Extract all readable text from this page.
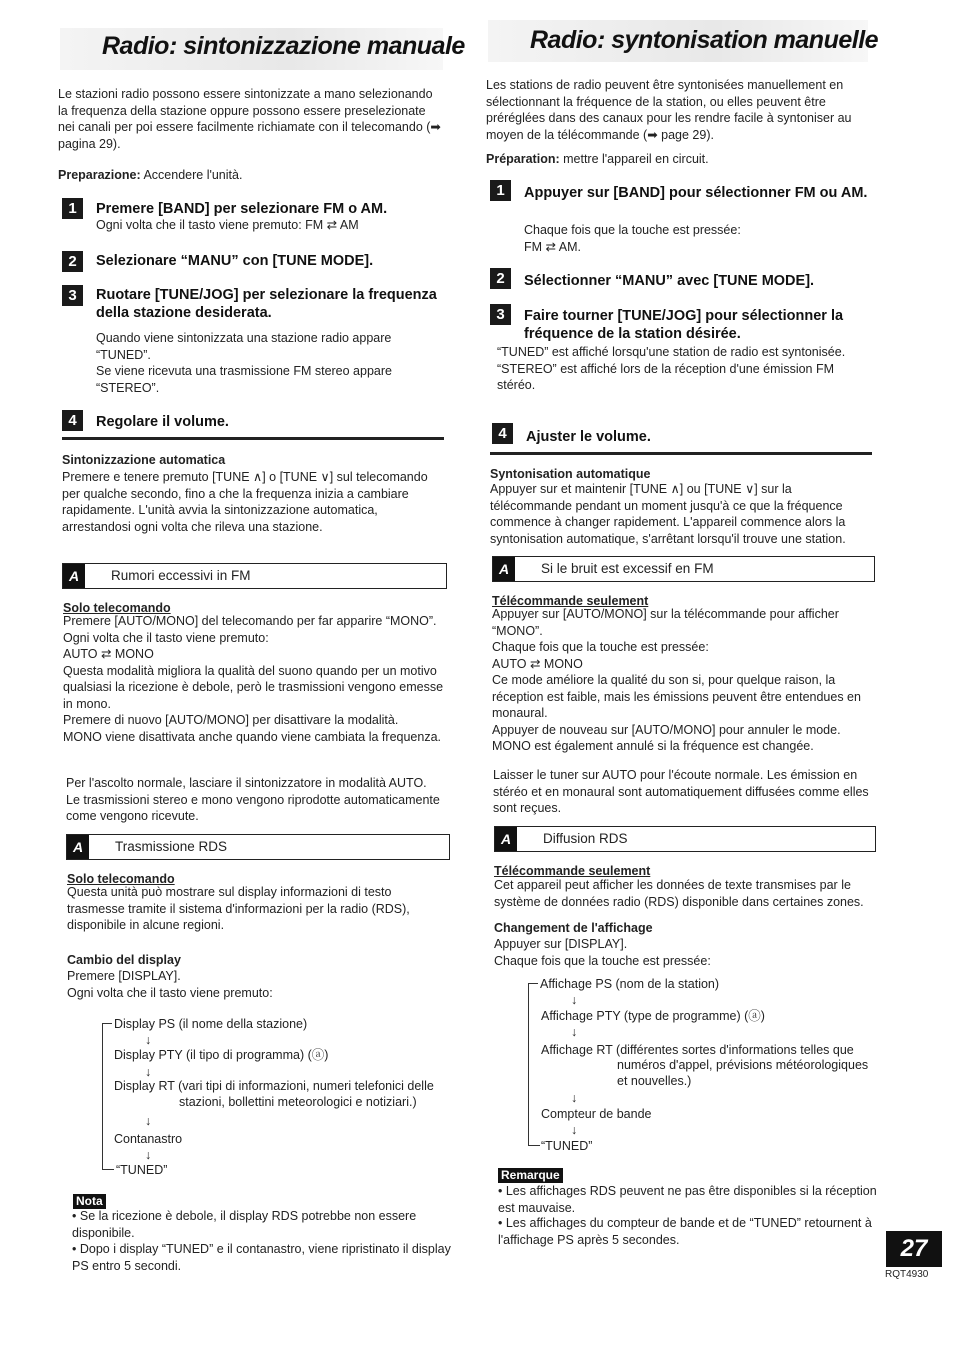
Radio: sintonizzazione manuale

Le stazioni radio possono essere sintonizzate a mano selezionando la frequenza della stazione oppure possono essere preselezionate nei canali per poi essere facilmente richiamate con il telecomando (➡ pagina 29).

Preparazione: Accendere l'unità.

1	Premere [BAND] per selezionare FM o AM.

Ogni volta che il tasto viene premuto: FM ⇄ AM

2	Selezionare “MANU” con [TUNE MODE].

3	Ruotare [TUNE/JOG] per selezionare la frequenza della stazione desiderata.

Quando viene sintonizzata una stazione radio appare “TUNED”.
Se viene ricevuta una trasmissione FM stereo appare “STEREO”.

4	Regolare il volume.

Sintonizzazione automatica

Premere e tenere premuto [TUNE ∧] o [TUNE ∨] sul telecomando per qualche secondo, fino a che la frequenza inizia a cambiare rapidamente. L'unità avvia la sintonizzazione automatica, arrestandosi ogni volta che rileva una stazione.

A	Rumori eccessivi in FM

Solo telecomando

Premere [AUTO/MONO] del telecomando per far apparire “MONO”.
Ogni volta che il tasto viene premuto:
AUTO ⇄ MONO
Questa modalità migliora la qualità del suono quando per un motivo qualsiasi la ricezione è debole, però le trasmissioni vengono emesse in mono.
Premere di nuovo [AUTO/MONO] per disattivare la modalità.
MONO viene disattivata anche quando viene cambiata la frequenza.

Per l'ascolto normale, lasciare il sintonizzatore in modalità AUTO.
Le trasmissioni stereo e mono vengono riprodotte automaticamente come vengono ricevute.

A	Trasmissione RDS

Solo telecomando

Questa unità può mostrare sul display informazioni di testo trasmesse tramite il sistema d'informazioni per la radio (RDS), disponibile in alcune regioni.

Cambio del display

Premere [DISPLAY].
Ogni volta che il tasto viene premuto:

Display PS (il nome della stazione)

↓

Display PTY (il tipo di programma) (ⓐ)

↓

Display RT (vari tipi di informazioni, numeri telefonici delle

stazioni, bollettini meteorologici e notiziari.)

↓

Contanastro

↓

“TUNED”

Nota

• Se la ricezione è debole, il display RDS potrebbe non essere disponibile.

• Dopo i display “TUNED” e il contanastro, viene ripristinato il display PS entro 5 secondi.

Radio: syntonisation manuelle

Les stations de radio peuvent être syntonisées manuellement en sélectionnant la fréquence de la station, ou elles peuvent être préréglées dans des canaux pour les rendre facile à syntoniser au moyen de la télécommande (➡ page 29).

Préparation: mettre l'appareil en circuit.

1	Appuyer sur [BAND] pour sélectionner FM ou AM.

Chaque fois que la touche est pressée:
FM ⇄ AM.

2	Sélectionner “MANU” avec [TUNE MODE].

3	Faire tourner [TUNE/JOG] pour sélectionner la fréquence de la station désirée.

“TUNED” est affiché lorsqu'une station de radio est syntonisée.
“STEREO” est affiché lors de la réception d'une émission FM stéréo.

4	Ajuster le volume.

Syntonisation automatique

Appuyer sur et maintenir [TUNE ∧] ou [TUNE ∨] sur la télécommande pendant un moment jusqu'à ce que la fréquence commence à changer rapidement. L'appareil commence alors la syntonisation automatique, s'arrêtant lorsqu'il trouve une station.

A	Si le bruit est excessif en FM

Télécommande seulement

Appuyer sur [AUTO/MONO] sur la télécommande pour afficher “MONO”.
Chaque fois que la touche est pressée:
AUTO ⇄ MONO
Ce mode améliore la qualité du son si, pour quelque raison, la réception est faible, mais les émissions peuvent être entendues en monaural.
Appuyer de nouveau sur [AUTO/MONO] pour annuler le mode.
MONO est également annulé si la fréquence est changée.

Laisser le tuner sur AUTO pour l'écoute normale. Les émission en stéréo et en monaural sont automatiquement diffusées comme elles sont reçues.

A	Diffusion RDS

Télécommande seulement

Cet appareil peut afficher les données de texte transmises par le système de données radio (RDS) disponible dans certaines zones.

Changement de l'affichage

Appuyer sur [DISPLAY].
Chaque fois que la touche est pressée:

Affichage PS (nom de la station)

↓

Affichage PTY (type de programme) (ⓐ)

↓

Affichage RT (différentes sortes d'informations telles que

numéros d'appel, prévisions météorologiques

et nouvelles.)

↓

Compteur de bande

↓

“TUNED”

Remarque

• Les affichages RDS peuvent ne pas être disponibles si la réception est mauvaise.

• Les affichages du compteur de bande et de “TUNED” retournent à l'affichage PS après 5 secondes.	27
RQT4930
